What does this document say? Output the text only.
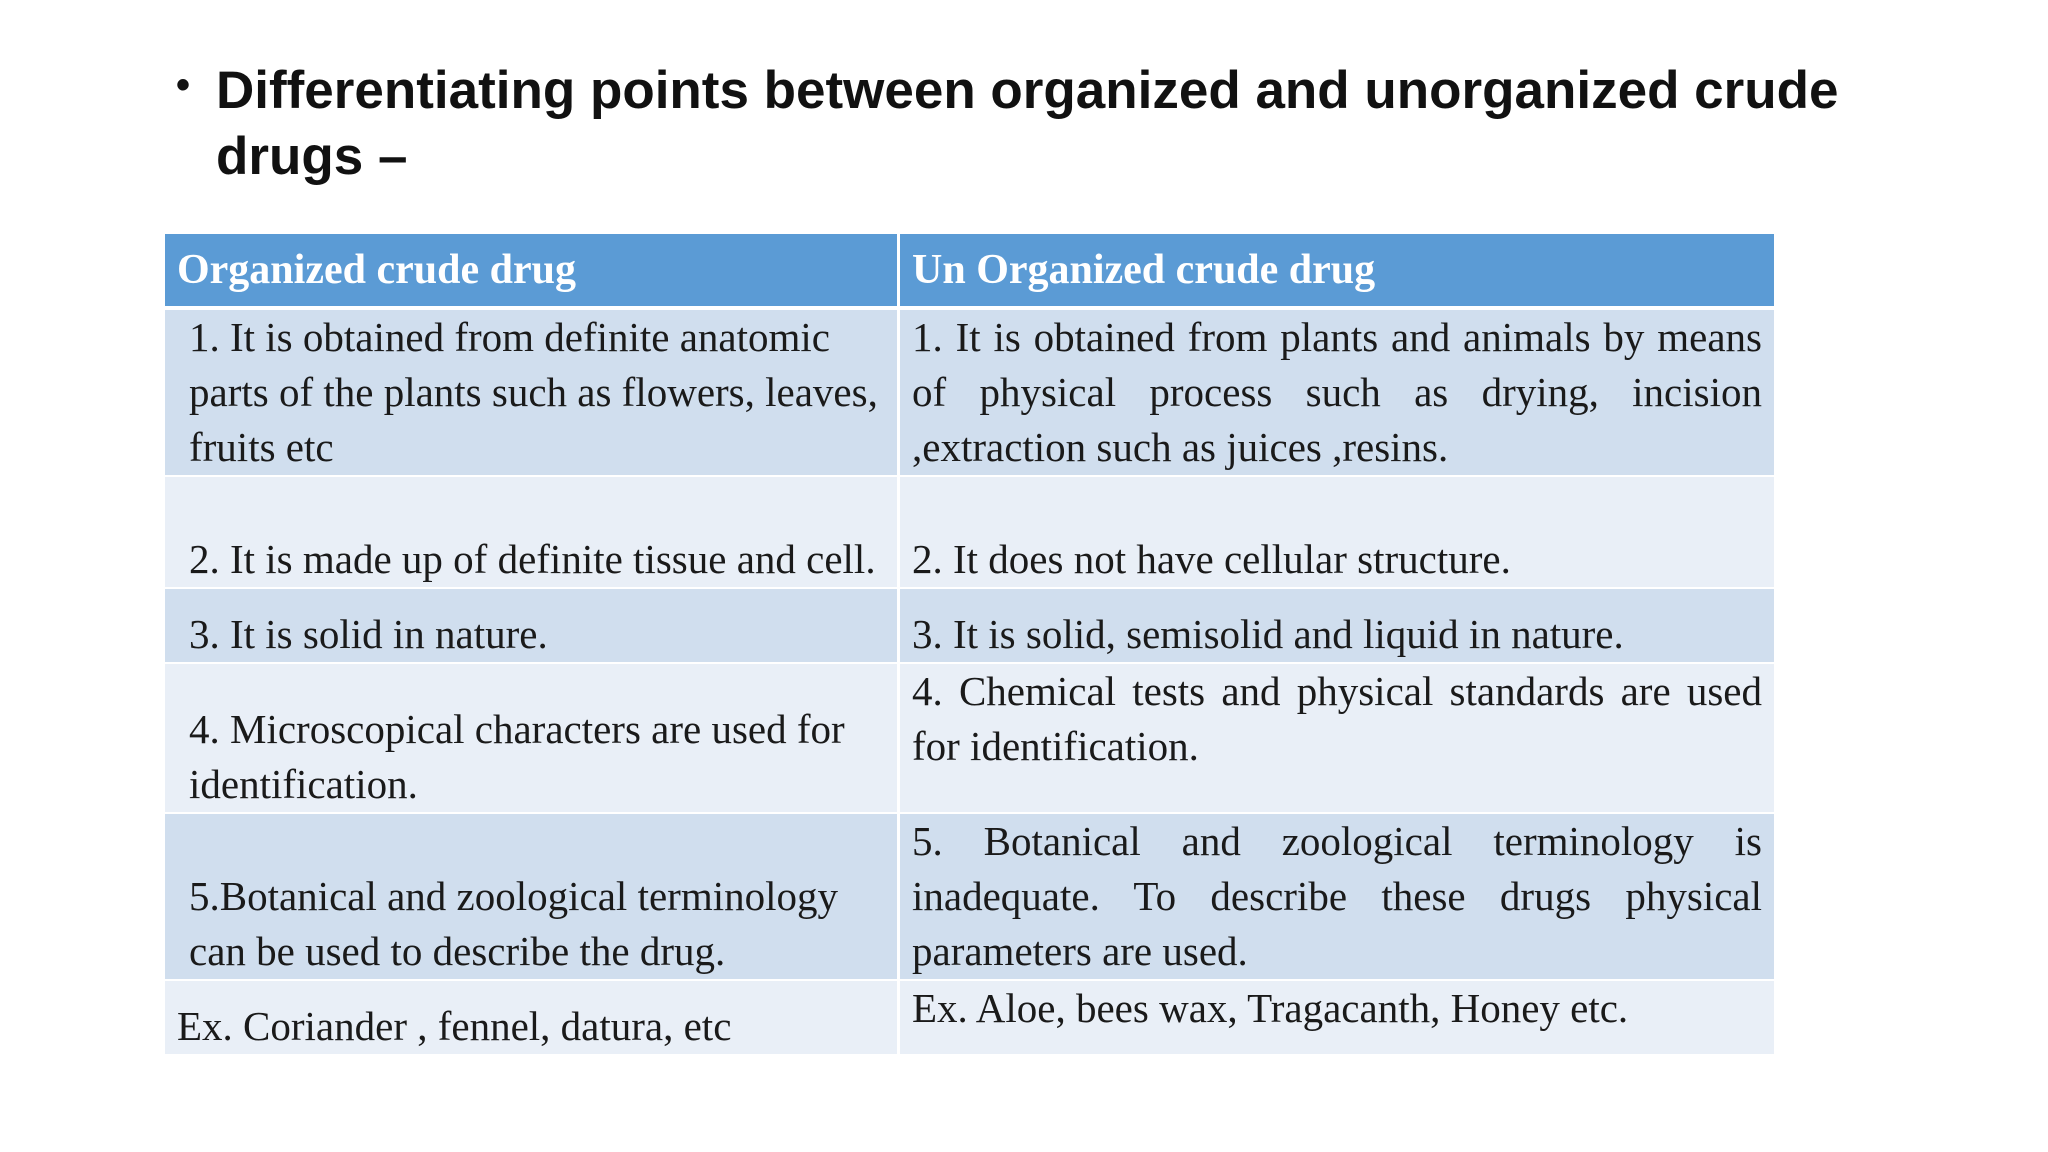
• Differentiating points between organized and unorganized crude drugs –
Organized crude drug	Un Organized crude drug
1. It is obtained from definite anatomic parts of the plants such as flowers, leaves, fruits etc	1. It is obtained from plants and animals by means of physical process such as drying, incision ,extraction such as juices ,resins.
2. It is made up of definite tissue and cell.	2. It does not have cellular structure.
3. It is solid in nature.	3. It is solid, semisolid and liquid in nature.
4. Microscopical characters are used for identification.	4. Chemical tests and physical standards are used for identification.
5.Botanical and zoological terminology can be used to describe the drug.	5. Botanical and zoological terminology is inadequate. To describe these drugs physical parameters are used.
Ex. Coriander , fennel, datura, etc	Ex. Aloe, bees wax, Tragacanth, Honey etc.
